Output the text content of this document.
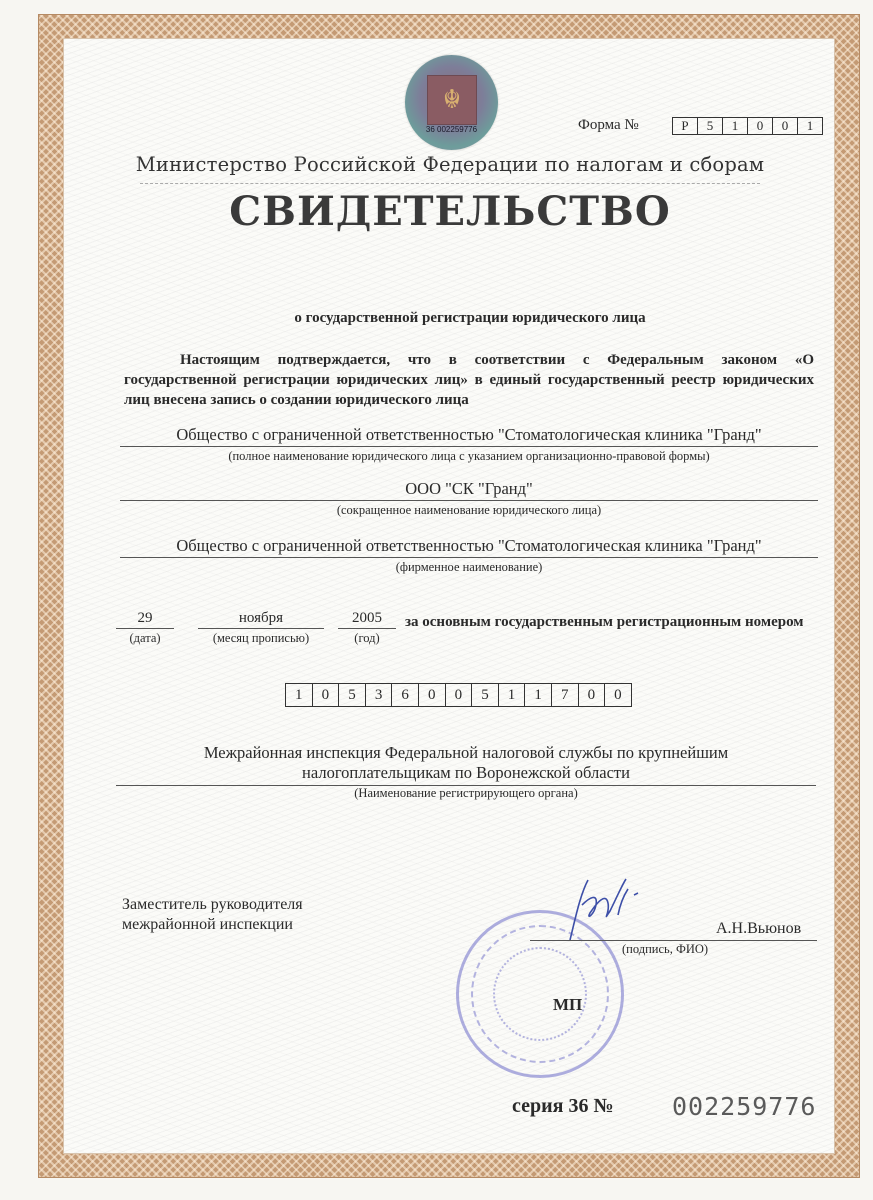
☬
36 002259776	Форма №	Р	5	1	0	0	1
Министерство Российской Федерации по налогам и сборам
СВИДЕТЕЛЬСТВО
о государственной регистрации юридического лица
Настоящим подтверждается, что в соответствии с Федеральным законом «О государственной регистрации юридических лиц» в единый государственный реестр юридических лиц внесена запись о создании юридического лица
Общество с ограниченной ответственностью "Стоматологическая клиника "Гранд"
(полное наименование юридического лица с указанием организационно-правовой формы)
ООО "СК "Гранд"
(сокращенное наименование юридического лица)
Общество с ограниченной ответственностью "Стоматологическая клиника "Гранд"
(фирменное наименование)
29
(дата)
ноября
(месяц прописью)
2005
(год)
за основным государственным регистрационным номером
1	0	5	3	6	0	0	5	1	1	7	0	0
Межрайонная инспекция Федеральной налоговой службы по крупнейшим
налогоплательщикам по Воронежской области
(Наименование регистрирующего органа)
Заместитель руководителя
межрайонной инспекции	А.Н.Вьюнов
(подпись, ФИО)
МП
серия 36 № 002259776
